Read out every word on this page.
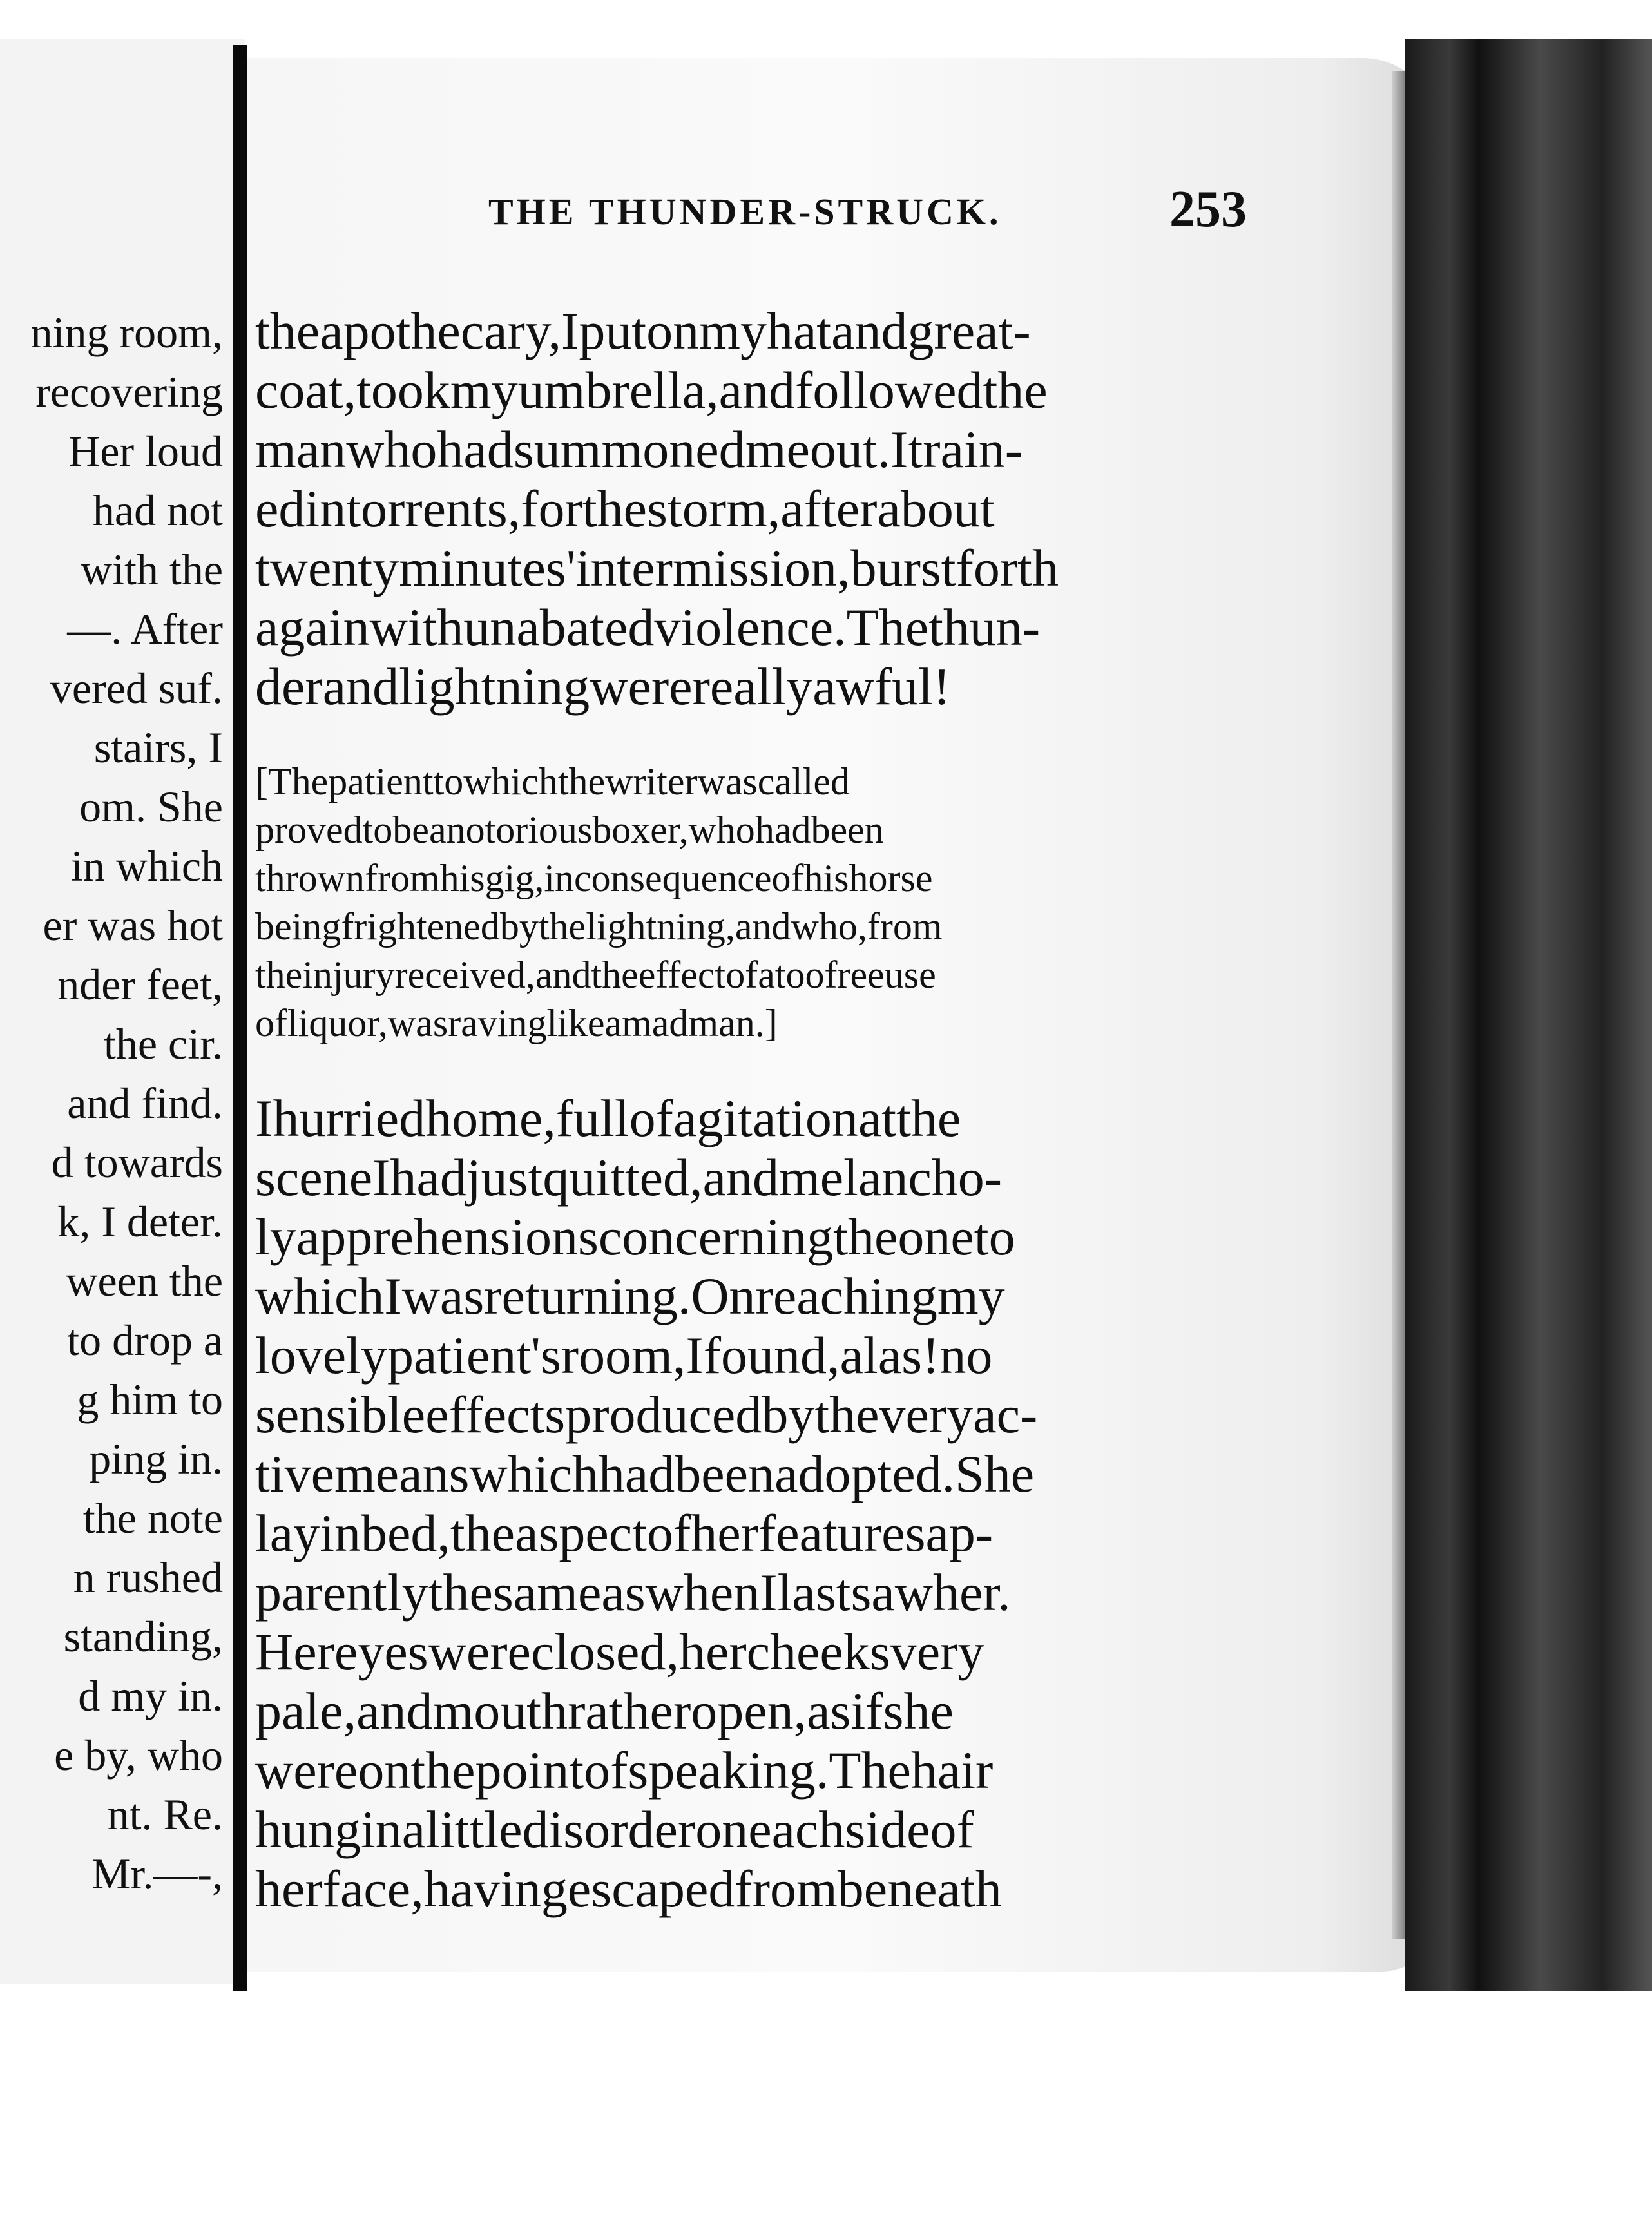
ning room,
recovering
Her loud
had not
with the
—. After
vered suf.
stairs, I
om. She
in which
er was hot
nder feet,
the cir.
and find.
d towards
k, I deter.
ween the
to drop a
g him to
ping in.
the note
n rushed
standing,
d my in.
e by, who
nt. Re.
Mr.—-,
THE THUNDER-STRUCK.	253
theapothecary,Iputonmyhatandgreat-
coat,tookmyumbrella,andfollowedthe
manwhohadsummonedmeout.Itrain-
edintorrents,forthestorm,afterabout
twentyminutes'intermission,burstforth
againwithunabatedviolence.Thethun-
derandlightningwerereallyawful!
[Thepatienttowhichthewriterwascalled
provedtobeanotoriousboxer,whohadbeen
thrownfromhisgig,inconsequenceofhishorse
beingfrightenedbythelightning,andwho,from
theinjuryreceived,andtheeffectofatoofreeuse
ofliquor,wasravinglikeamadman.]
Ihurriedhome,fullofagitationatthe
sceneIhadjustquitted,andmelancho-
lyapprehensionsconcerningtheoneto
whichIwasreturning.Onreachingmy
lovelypatient'sroom,Ifound,alas!no
sensibleeffectsproducedbytheveryac-
tivemeanswhichhadbeenadopted.She
layinbed,theaspectofherfeaturesap-
parentlythesameaswhenIlastsawher.
Hereyeswereclosed,hercheeksvery
pale,andmouthratheropen,asifshe
wereonthepointofspeaking.Thehair
hunginalittledisorderoneachsideof
herface,havingescapedfrombeneath
